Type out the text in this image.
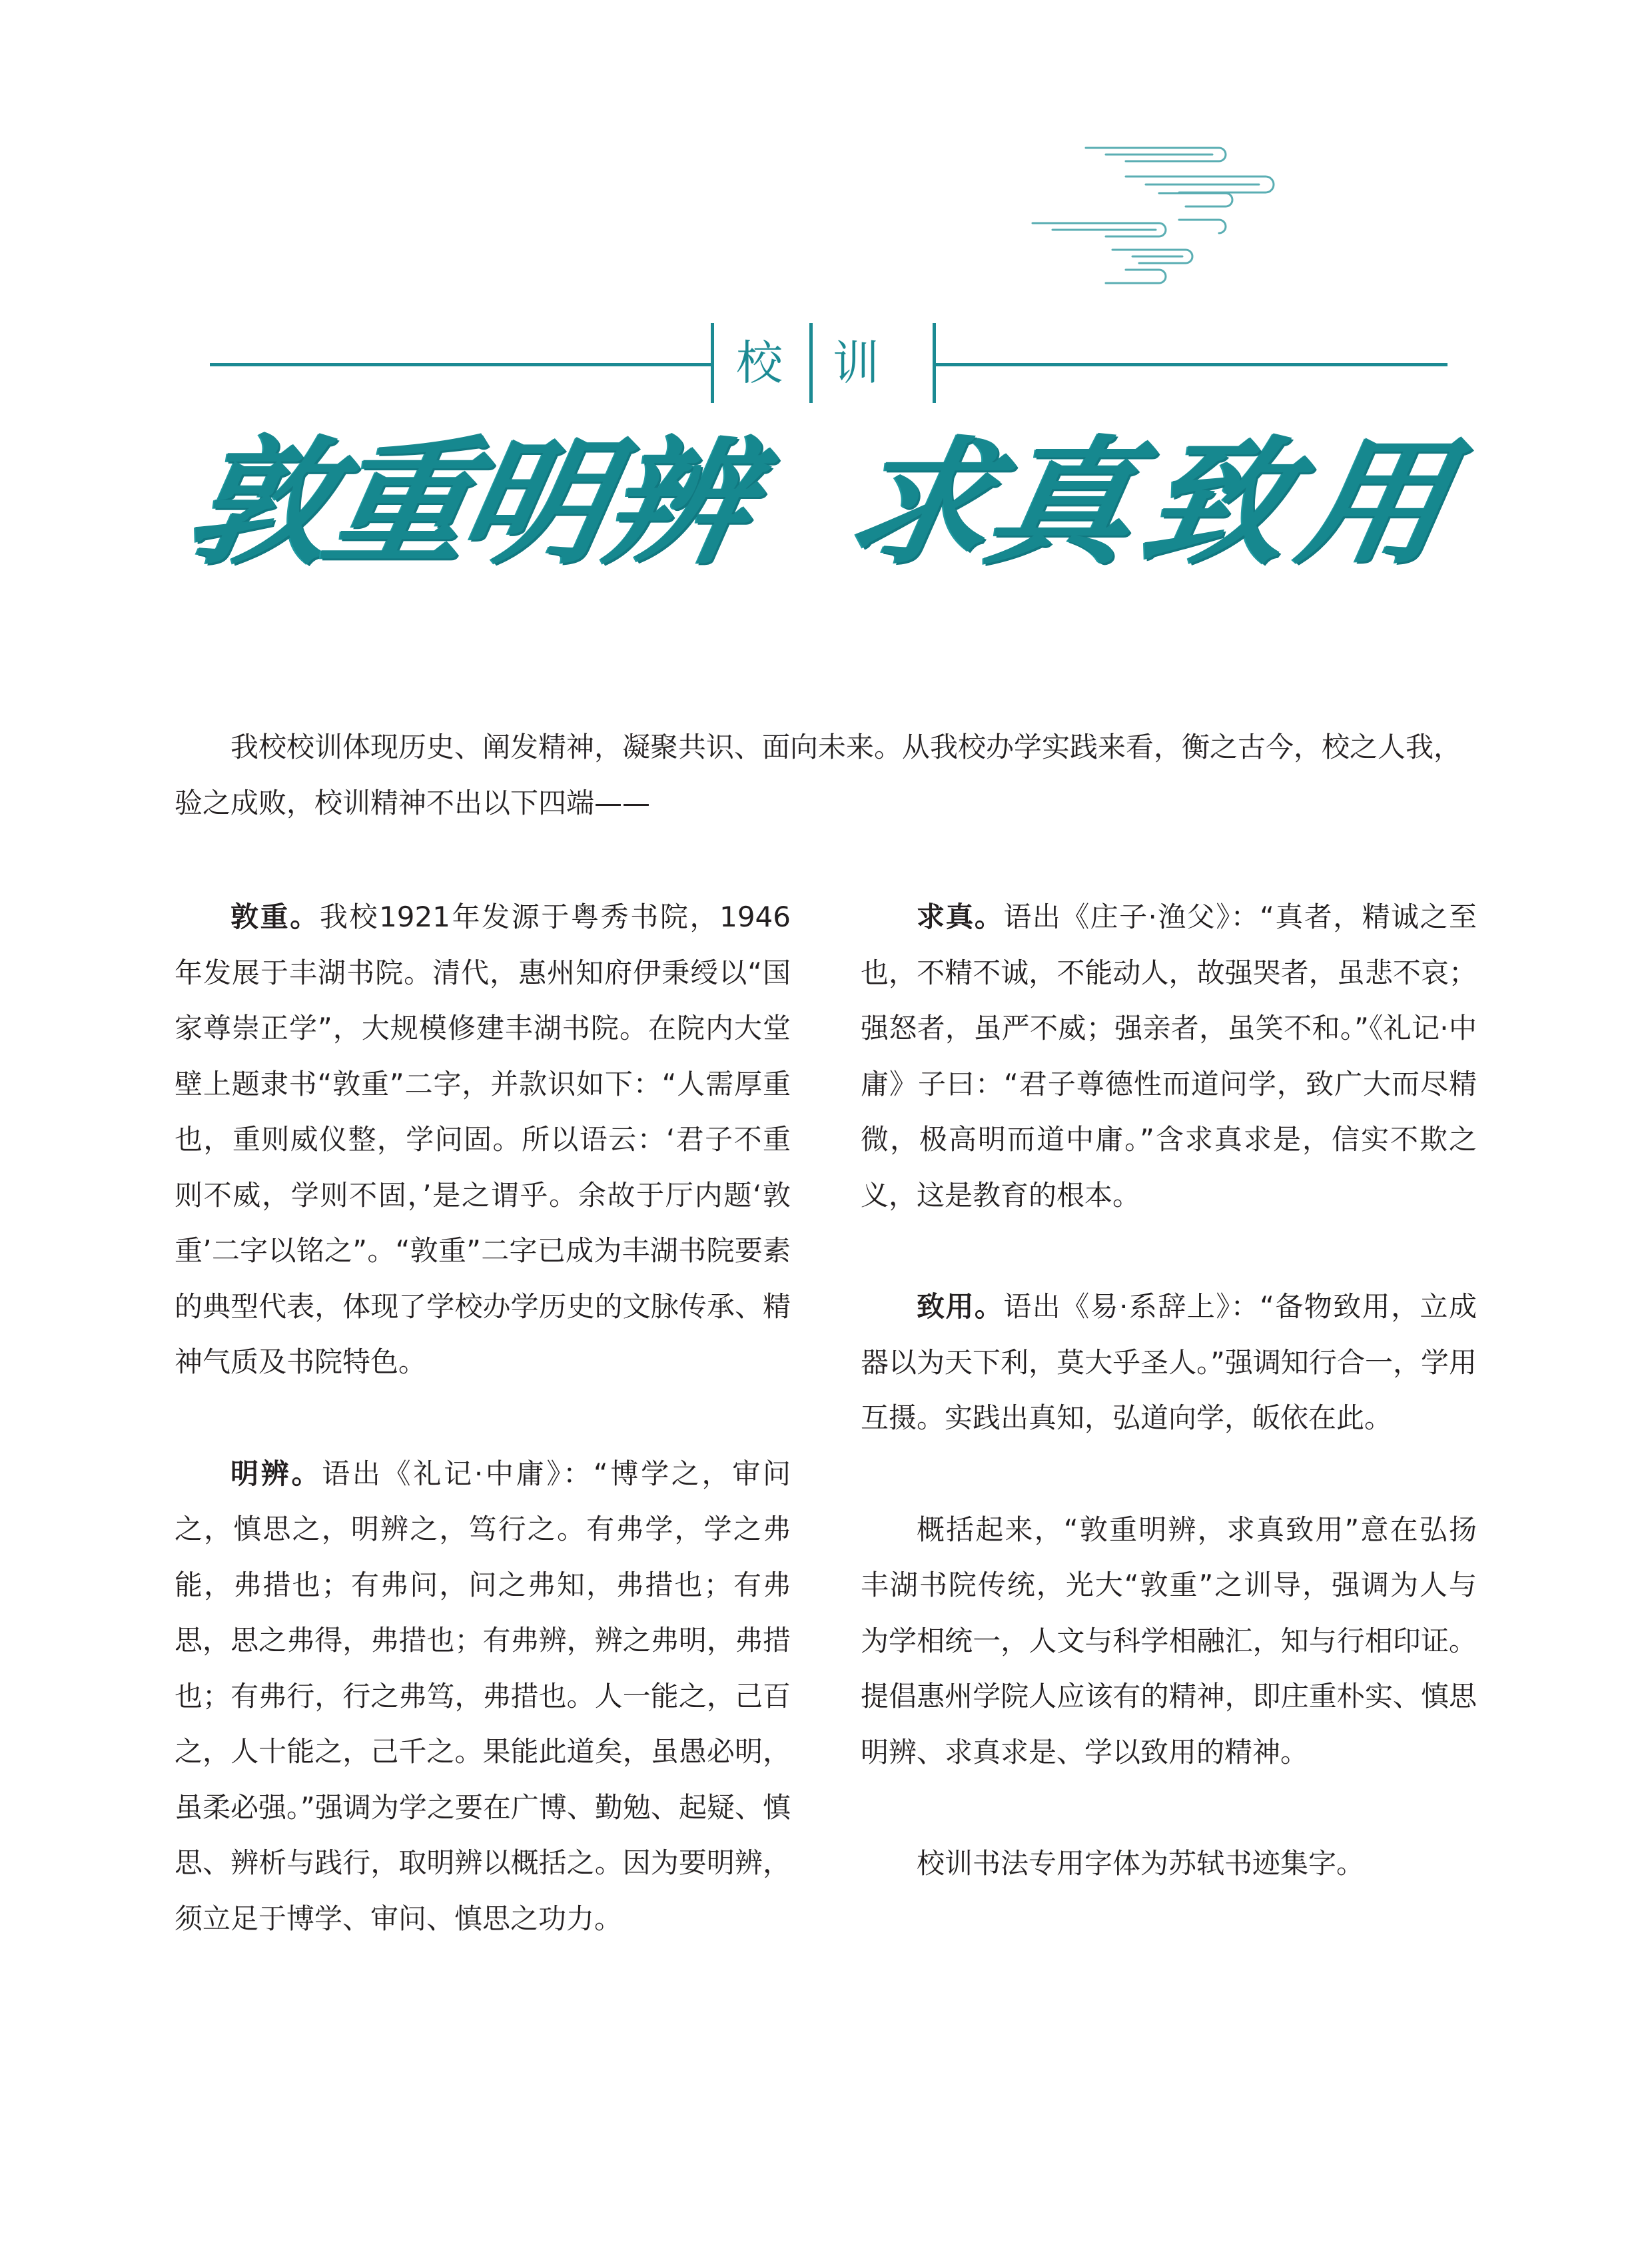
校 训
敦
重
明
辨 求
真
致
用

我校校训体现历史、阐发精神，凝聚共识、面向未来。从我校办学实践来看，衡之古今，校之人我，验之成败，校训精神不出以下四端——

敦重。我校1921年发源于粤秀书院，1946年发展于丰湖书院。清代，惠州知府伊秉绶以“国家尊崇正学”，大规模修建丰湖书院。在院内大堂壁上题隶书“敦重”二字，并款识如下：“人需厚重也，重则威仪整，学问固。所以语云：‘君子不重则不威，学则不固，’是之谓乎。余故于厅内题‘敦重’二字以铭之”。“敦重”二字已成为丰湖书院要素的典型代表，体现了学校办学历史的文脉传承、精神气质及书院特色。

明辨。语出《礼记·中庸》：“博学之，审问之，慎思之，明辨之，笃行之。有弗学，学之弗能，弗措也；有弗问，问之弗知，弗措也；有弗思，思之弗得，弗措也；有弗辨，辨之弗明，弗措也；有弗行，行之弗笃，弗措也。人一能之，己百之，人十能之，己千之。果能此道矣，虽愚必明，虽柔必强。”强调为学之要在广博、勤勉、起疑、慎思、辨析与践行，取明辨以概括之。因为要明辨，须立足于博学、审问、慎思之功力。

求真。语出《庄子·渔父》：“真者，精诚之至也，不精不诚，不能动人，故强哭者，虽悲不哀；强怒者，虽严不威；强亲者，虽笑不和。”《礼记·中庸》子曰：“君子尊德性而道问学，致广大而尽精微，极高明而道中庸。”含求真求是，信实不欺之义，这是教育的根本。

致用。语出《易·系辞上》：“备物致用，立成器以为天下利，莫大乎圣人。”强调知行合一，学用互摄。实践出真知，弘道向学，皈依在此。

概括起来，“敦重明辨，求真致用”意在弘扬丰湖书院传统，光大“敦重”之训导，强调为人与为学相统一，人文与科学相融汇，知与行相印证。提倡惠州学院人应该有的精神，即庄重朴实、慎思明辨、求真求是、学以致用的精神。

校训书法专用字体为苏轼书迹集字。
